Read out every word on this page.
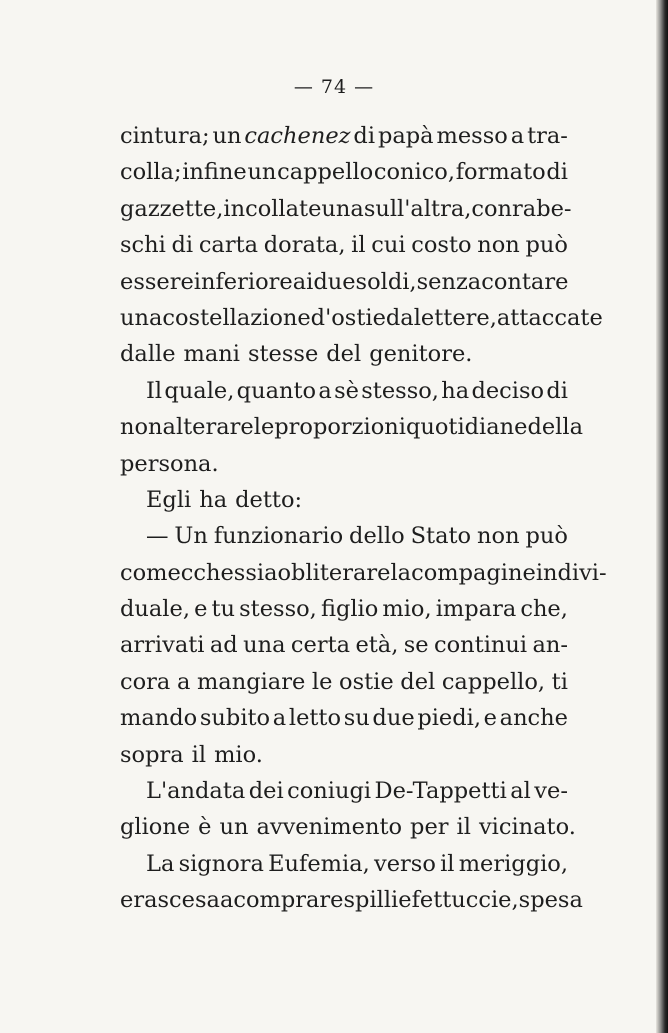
— 74 —
cintura; un cachenez di papà messo a tra-
colla; infine un cappello conico, formato di
gazzette, incollate una sull'altra, con rabe-
schi di carta dorata, il cui costo non può
essere inferiore ai due soldi, senza contare
una costellazione d'ostie da lettere, attaccate
dalle mani stesse del genitore.
Il quale, quanto a sè stesso, ha deciso di
non alterare le proporzioni quotidiane della
persona.
Egli ha detto:
— Un funzionario dello Stato non può
comecchessia obliterare la compagine indivi-
duale, e tu stesso, figlio mio, impara che,
arrivati ad una certa età, se continui an-
cora a mangiare le ostie del cappello, ti
mando subito a letto su due piedi, e anche
sopra il mio.
L'andata dei coniugi De-Tappetti al ve-
glione è un avvenimento per il vicinato.
La signora Eufemia, verso il meriggio,
era scesa a comprare spilli e fettuccie, spesa
